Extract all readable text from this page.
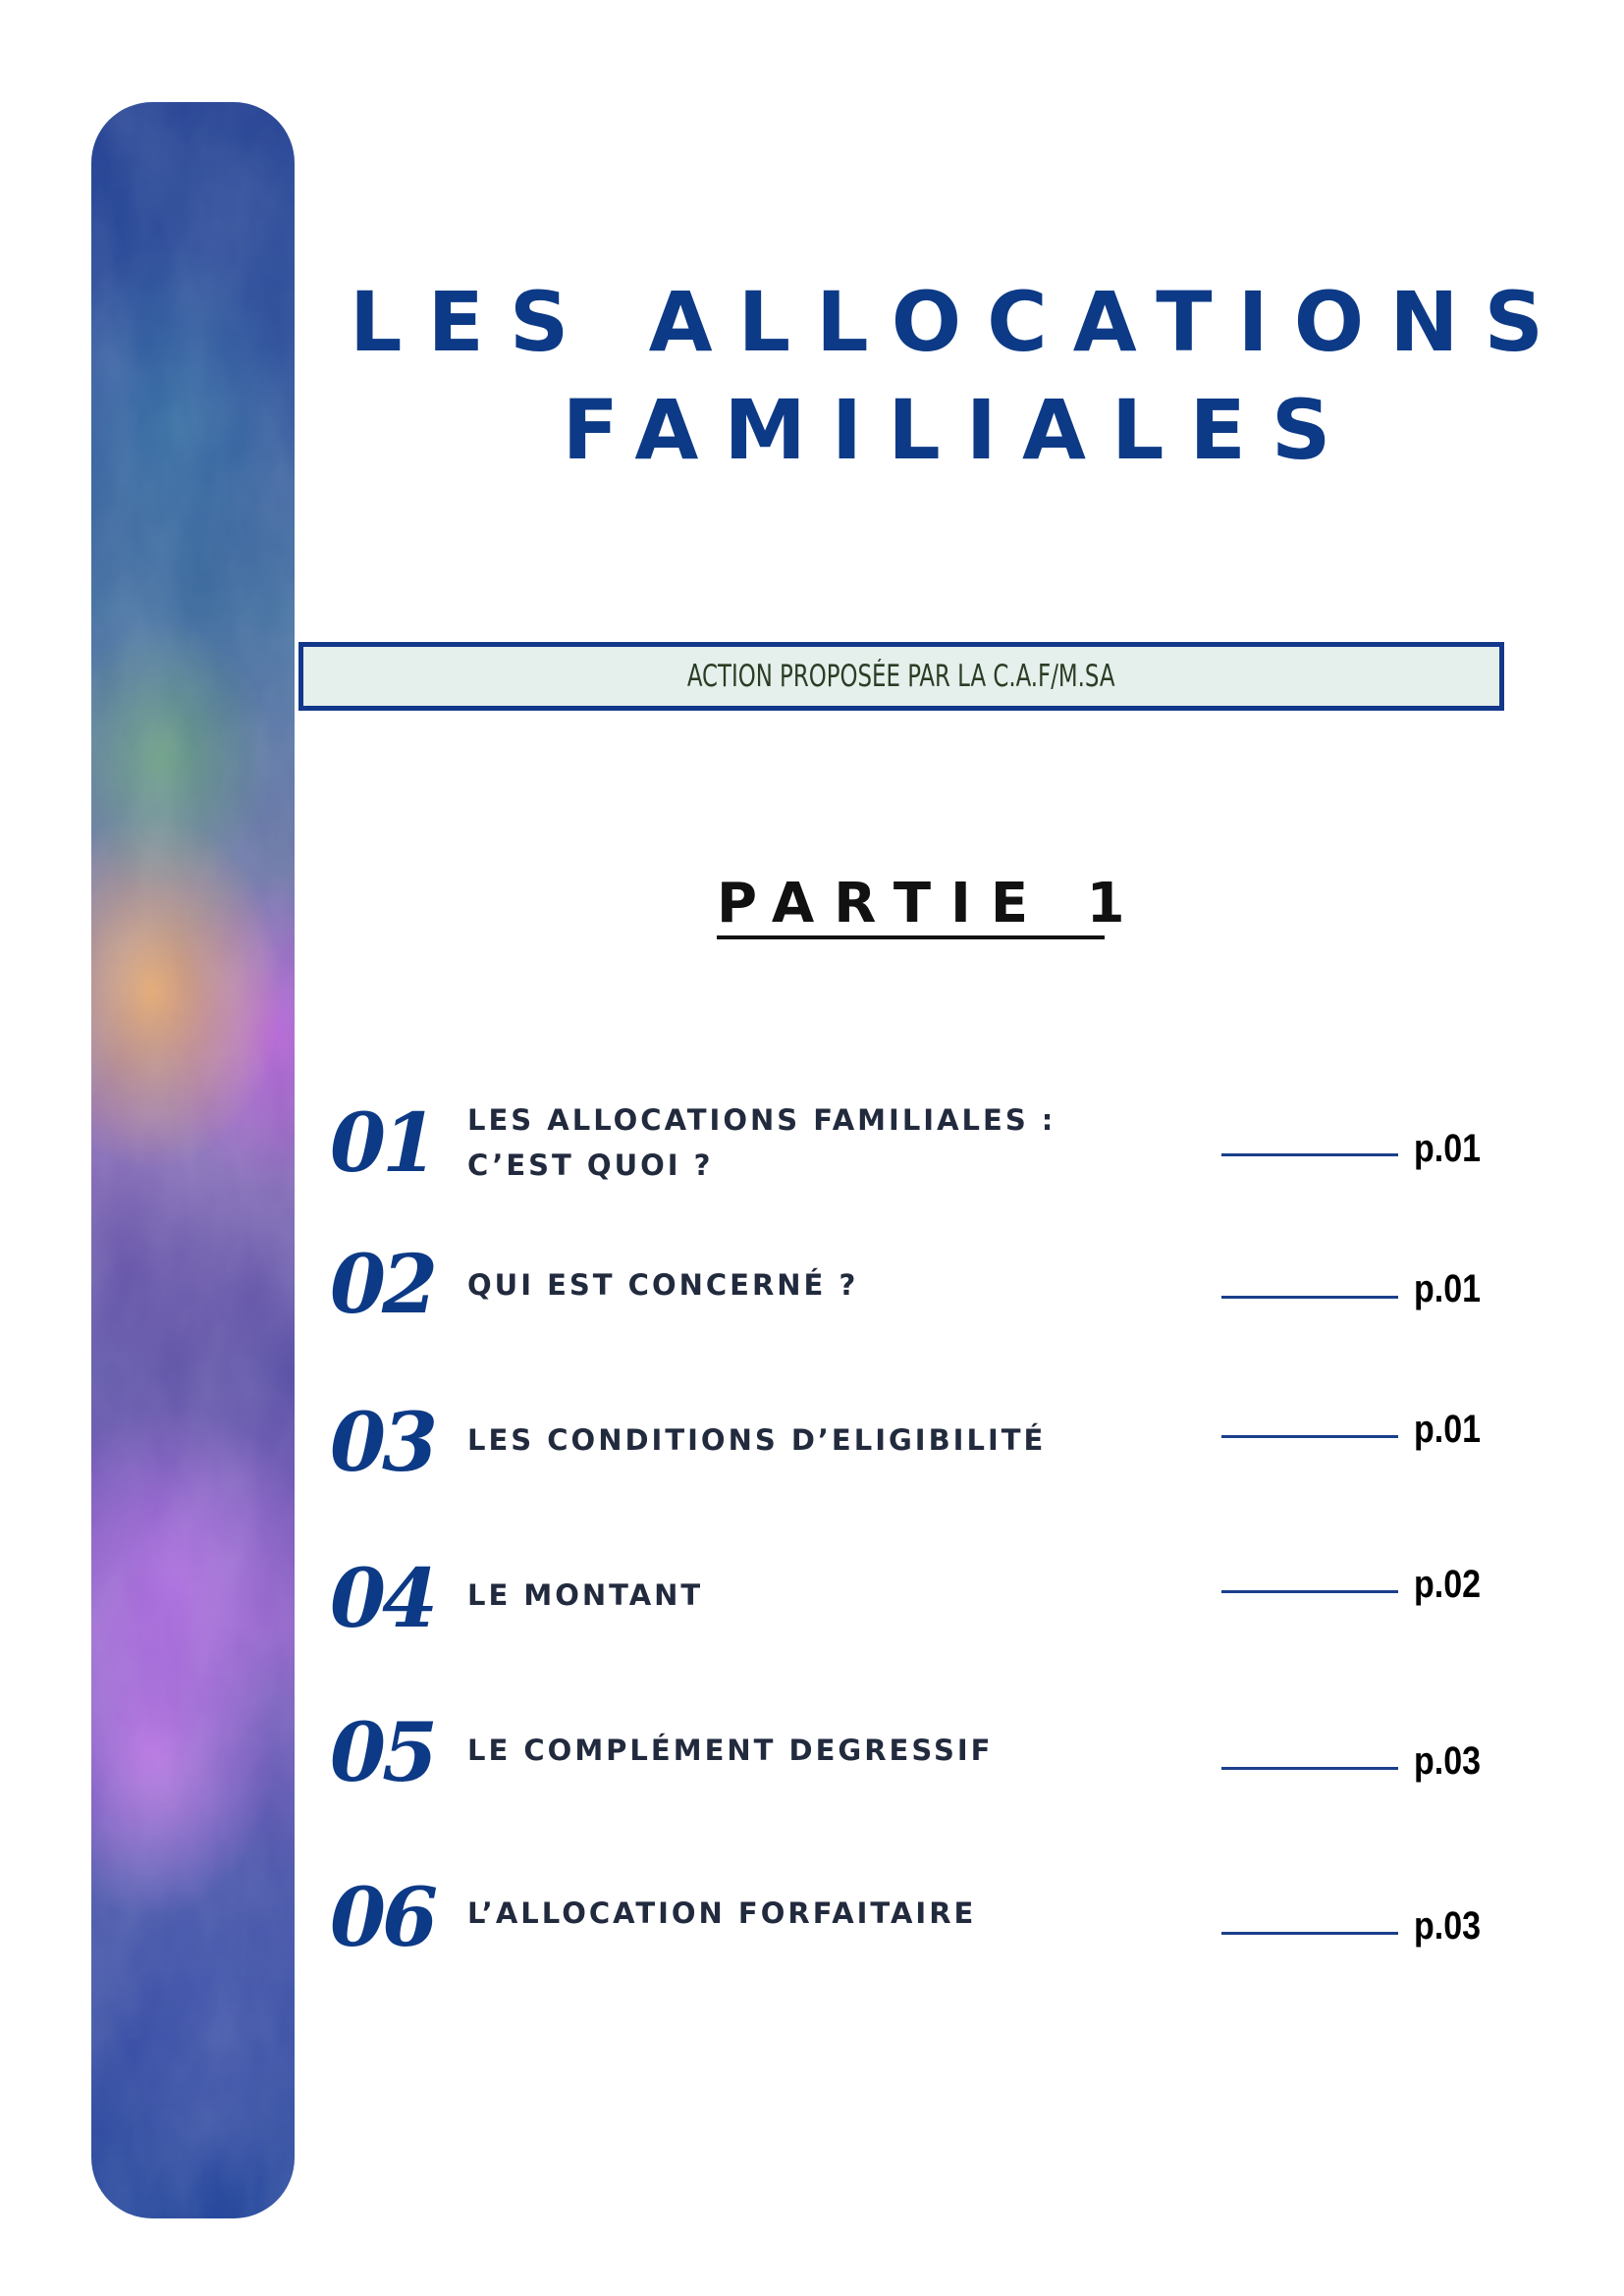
LES ALLOCATIONS
FAMILIALES
ACTION PROPOSÉE PAR LA C.A.F/M.SA
PARTIE 1
01 LES ALLOCATIONS FAMILIALES :
C’EST QUOI ?	p.01
02 QUI EST CONCERNÉ ?	p.01
03 LES CONDITIONS D’ELIGIBILITÉ	p.01
04 LE MONTANT	p.02
05 LE COMPLÉMENT DEGRESSIF	p.03
06 L’ALLOCATION FORFAITAIRE	p.03
